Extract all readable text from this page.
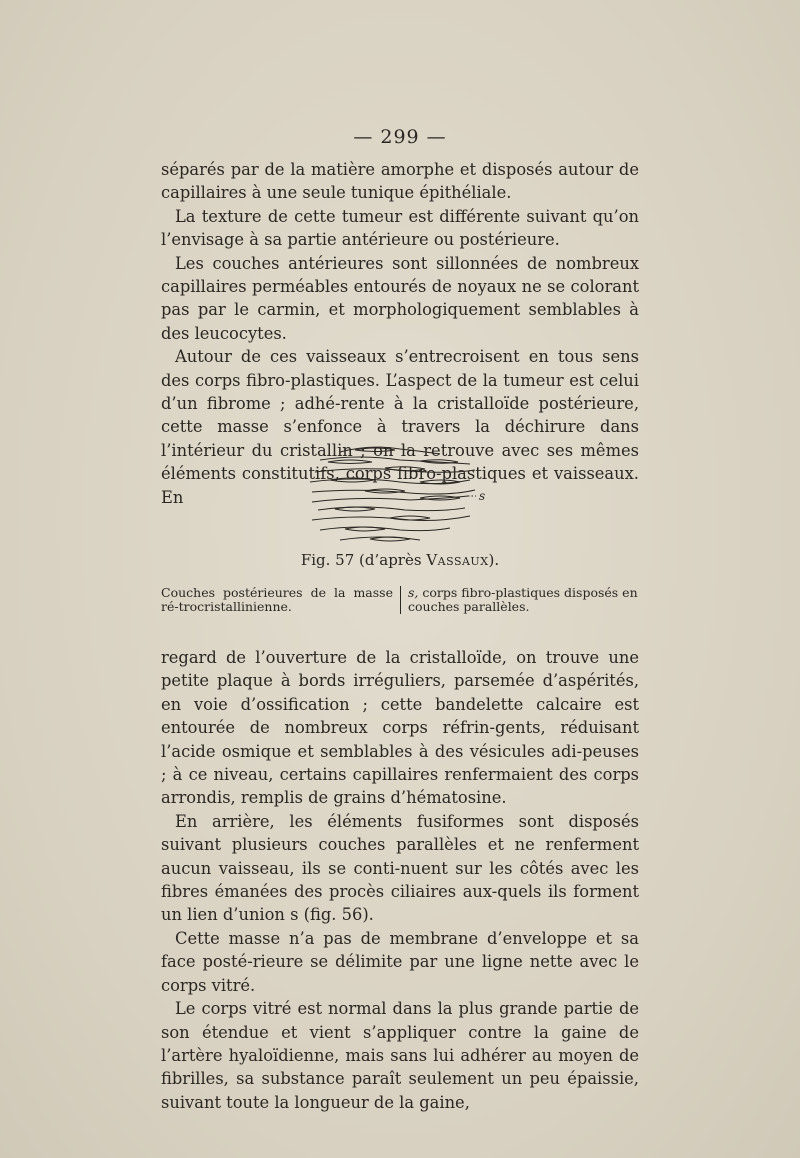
— 299 —

séparés par de la matière amorphe et disposés autour de capillaires à une seule tunique épithéliale.

La texture de cette tumeur est différente suivant qu’on l’envisage à sa partie antérieure ou postérieure.

Les couches antérieures sont sillonnées de nombreux capillaires perméables entourés de noyaux ne se colorant pas par le carmin, et morphologiquement semblables à des leucocytes.

Autour de ces vaisseaux s’entrecroisent en tous sens des corps fibro-plastiques. L’aspect de la tumeur est celui d’un fibrome ; adhé-rente à la cristalloïde postérieure, cette masse s’enfonce à travers la déchirure dans l’intérieur du cristallin ; on la retrouve avec ses mêmes éléments constitutifs, corps fibro-plastiques et vaisseaux. En	s
Fig. 57 (d’après Vassaux).
Couches postérieures de la masse ré-trocristallinienne.
s, corps fibro-plastiques disposés en couches parallèles.

regard de l’ouverture de la cristalloïde, on trouve une petite plaque à bords irréguliers, parsemée d’aspérités, en voie d’ossification ; cette bandelette calcaire est entourée de nombreux corps réfrin-gents, réduisant l’acide osmique et semblables à des vésicules adi-peuses ; à ce niveau, certains capillaires renfermaient des corps arrondis, remplis de grains d’hématosine.

En arrière, les éléments fusiformes sont disposés suivant plusieurs couches parallèles et ne renferment aucun vaisseau, ils se conti-nuent sur les côtés avec les fibres émanées des procès ciliaires aux-quels ils forment un lien d’union s (fig. 56).

Cette masse n’a pas de membrane d’enveloppe et sa face posté-rieure se délimite par une ligne nette avec le corps vitré.

Le corps vitré est normal dans la plus grande partie de son étendue et vient s’appliquer contre la gaine de l’artère hyaloïdienne, mais sans lui adhérer au moyen de fibrilles, sa substance paraît seulement un peu épaissie, suivant toute la longueur de la gaine,
